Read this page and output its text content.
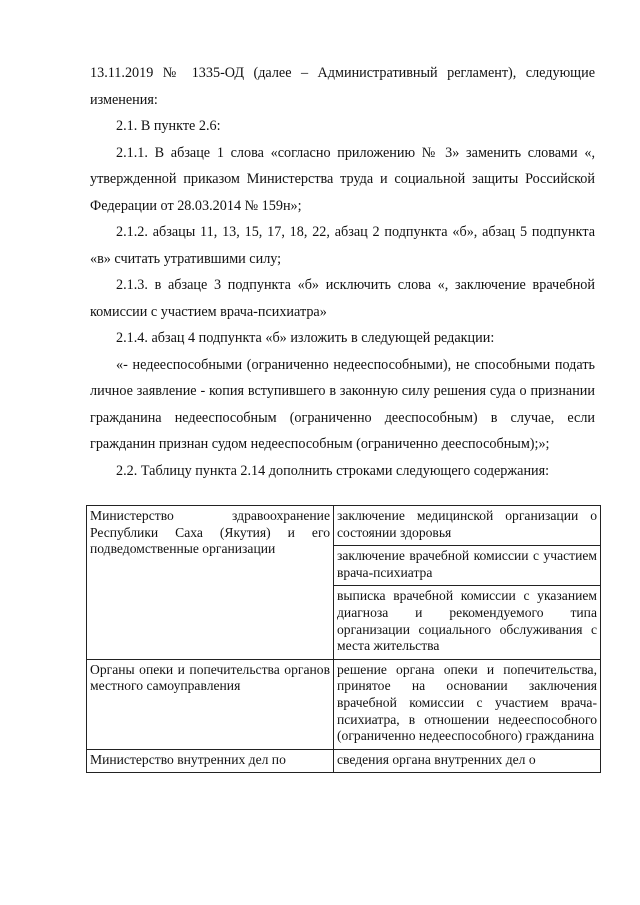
13.11.2019 № 1335-ОД (далее – Административный регламент), следующие изменения:

2.1. В пункте 2.6:

2.1.1. В абзаце 1 слова «согласно приложению № 3» заменить словами «, утвержденной приказом Министерства труда и социальной защиты Российской Федерации от 28.03.2014 № 159н»;

2.1.2. абзацы 11, 13, 15, 17, 18, 22, абзац 2 подпункта «б», абзац 5 подпункта «в» считать утратившими силу;

2.1.3. в абзаце 3 подпункта «б» исключить слова «, заключение врачебной комиссии с участием врача-психиатра»

2.1.4. абзац 4 подпункта «б» изложить в следующей редакции:

«- недееспособными (ограниченно недееспособными), не способными подать личное заявление - копия вступившего в законную силу решения суда о признании гражданина недееспособным (ограниченно дееспособным) в случае, если гражданин признан судом недееспособным (ограниченно дееспособным);»;

2.2. Таблицу пункта 2.14 дополнить строками следующего содержания:

Министерство здравоохранение Республики Саха (Якутия) и его подведомственные организации	заключение медицинской организации о состоянии здоровья
	заключение врачебной комиссии с участием врача-психиатра
	выписка врачебной комиссии с указанием диагноза и рекомендуемого типа организации социального обслуживания с места жительства
Органы опеки и попечительства органов местного самоуправления	решение органа опеки и попечительства, принятое на основании заключения врачебной комиссии с участием врача-психиатра, в отношении недееспособного (ограниченно недееспособного) гражданина
Министерство внутренних дел по	сведения органа внутренних дел о
